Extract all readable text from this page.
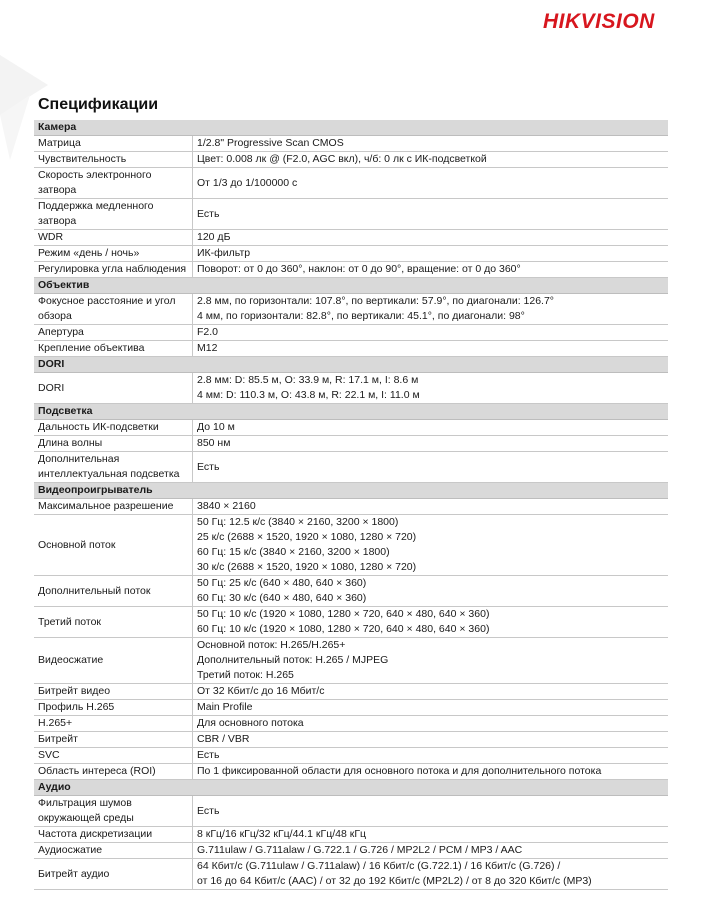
HIKVISION
Спецификации
Камера	
Матрица	1/2.8" Progressive Scan CMOS

Чувствительность	Цвет: 0.008 лк @ (F2.0, AGC вкл), ч/б: 0 лк с ИК-подсветкой

Скорость электронного затвора	От 1/3 до 1/100000 с

Поддержка медленного затвора	Есть

WDR	120 дБ

Режим «день / ночь»	ИК-фильтр

Регулировка угла наблюдения	Поворот: от 0 до 360°, наклон: от 0 до 90°, вращение: от 0 до 360°

Объектив	
Фокусное расстояние и угол обзора	2.8 мм, по горизонтали: 107.8°, по вертикали: 57.9°, по диагонали: 126.7°
4 мм, по горизонтали: 82.8°, по вертикали: 45.1°, по диагонали: 98°

Апертура	F2.0

Крепление объектива	M12

DORI	
DORI	2.8 мм: D: 85.5 м, O: 33.9 м, R: 17.1 м, I: 8.6 м
4 мм: D: 110.3 м, O: 43.8 м, R: 22.1 м, I: 11.0 м

Подсветка	
Дальность ИК-подсветки	До 10 м

Длина волны	850 нм

Дополнительная интеллектуальная подсветка	Есть

Видеопроигрыватель	
Максимальное разрешение	3840 × 2160

Основной поток	50 Гц: 12.5 к/с (3840 × 2160, 3200 × 1800)
25 к/с (2688 × 1520, 1920 × 1080, 1280 × 720)
60 Гц: 15 к/с (3840 × 2160, 3200 × 1800)
30 к/с (2688 × 1520, 1920 × 1080, 1280 × 720)

Дополнительный поток	50 Гц: 25 к/с (640 × 480, 640 × 360)
60 Гц: 30 к/с (640 × 480, 640 × 360)

Третий поток	50 Гц: 10 к/с (1920 × 1080, 1280 × 720, 640 × 480, 640 × 360)
60 Гц: 10 к/с (1920 × 1080, 1280 × 720, 640 × 480, 640 × 360)

Видеосжатие	Основной поток: H.265/H.265+
Дополнительный поток: H.265 / MJPEG
Третий поток: H.265

Битрейт видео	От 32 Кбит/с до 16 Мбит/с

Профиль H.265	Main Profile

H.265+	Для основного потока

Битрейт	CBR / VBR

SVC	Есть

Область интереса (ROI)	По 1 фиксированной области для основного потока и для дополнительного потока

Аудио	
Фильтрация шумов окружающей среды	Есть

Частота дискретизации	8 кГц/16 кГц/32 кГц/44.1 кГц/48 кГц

Аудиосжатие	G.711ulaw / G.711alaw / G.722.1 / G.726 / MP2L2 / PCM / MP3 / AAC

Битрейт аудио	64 Кбит/с (G.711ulaw / G.711alaw) / 16 Кбит/с (G.722.1) / 16 Кбит/с (G.726) /
от 16 до 64 Кбит/с (AAC) / от 32 до 192 Кбит/с (MP2L2) / от 8 до 320 Кбит/с (MP3)
